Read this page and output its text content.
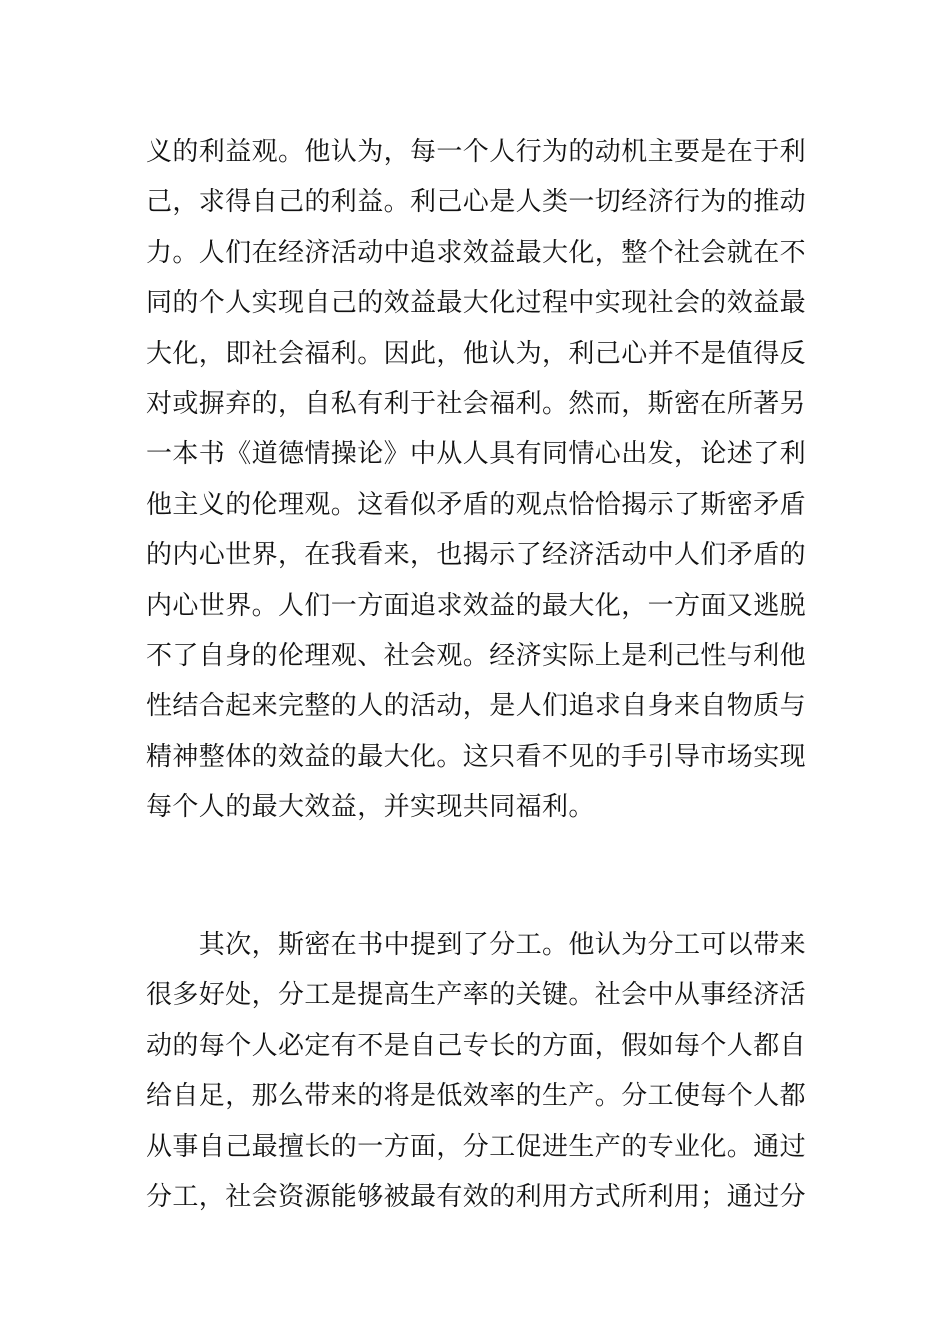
义的利益观。他认为，每一个人行为的动机主要是在于利
己，求得自己的利益。利己心是人类一切经济行为的推动
力。人们在经济活动中追求效益最大化，整个社会就在不
同的个人实现自己的效益最大化过程中实现社会的效益最
大化，即社会福利。因此，他认为，利己心并不是值得反
对或摒弃的，自私有利于社会福利。然而，斯密在所著另
一本书《道德情操论》中从人具有同情心出发，论述了利
他主义的伦理观。这看似矛盾的观点恰恰揭示了斯密矛盾
的内心世界，在我看来，也揭示了经济活动中人们矛盾的
内心世界。人们一方面追求效益的最大化，一方面又逃脱
不了自身的伦理观、社会观。经济实际上是利己性与利他
性结合起来完整的人的活动，是人们追求自身来自物质与
精神整体的效益的最大化。这只看不见的手引导市场实现
每个人的最大效益，并实现共同福利。
　　其次，斯密在书中提到了分工。他认为分工可以带来
很多好处，分工是提高生产率的关键。社会中从事经济活
动的每个人必定有不是自己专长的方面，假如每个人都自
给自足，那么带来的将是低效率的生产。分工使每个人都
从事自己最擅长的一方面，分工促进生产的专业化。通过
分工，社会资源能够被最有效的利用方式所利用；通过分
